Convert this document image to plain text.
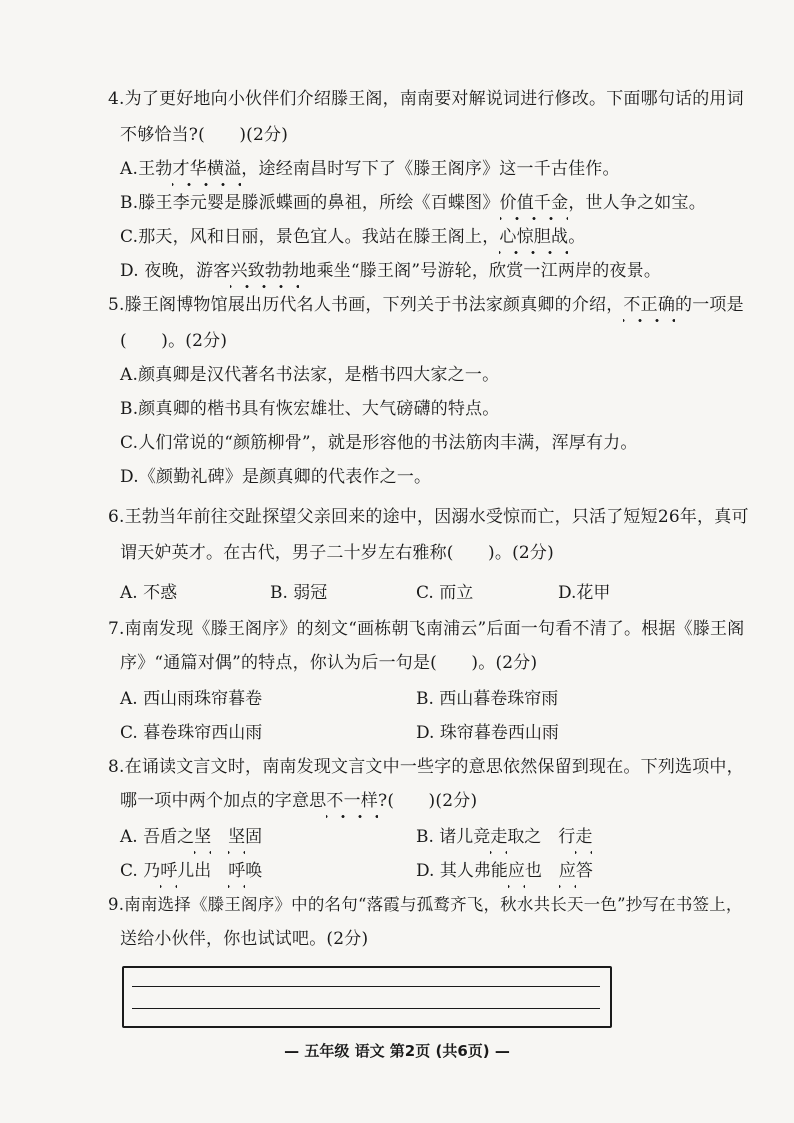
4.为了更好地向小伙伴们介绍滕王阁，南南要对解说词进行修改。下面哪句话的用词
不够恰当?(　　)(2分)
A.王勃才华横溢，途经南昌时写下了《滕王阁序》这一千古佳作。
B.滕王李元婴是滕派蝶画的鼻祖，所绘《百蝶图》价值千金，世人争之如宝。
C.那天，风和日丽，景色宜人。我站在滕王阁上，心惊胆战。
D. 夜晚，游客兴致勃勃地乘坐“滕王阁”号游轮，欣赏一江两岸的夜景。
5.滕王阁博物馆展出历代名人书画，下列关于书法家颜真卿的介绍，不正确的一项是
(　　)。(2分)
A.颜真卿是汉代著名书法家，是楷书四大家之一。
B.颜真卿的楷书具有恢宏雄壮、大气磅礴的特点。
C.人们常说的“颜筋柳骨”，就是形容他的书法筋肉丰满，浑厚有力。
D.《颜勤礼碑》是颜真卿的代表作之一。
6.王勃当年前往交趾探望父亲回来的途中，因溺水受惊而亡，只活了短短26年，真可
谓天妒英才。在古代，男子二十岁左右雅称(　　)。(2分)
A. 不惑	B. 弱冠	C. 而立	D.花甲
7.南南发现《滕王阁序》的刻文“画栋朝飞南浦云”后面一句看不清了。根据《滕王阁
序》“通篇对偶”的特点，你认为后一句是(　　)。(2分)
A. 西山雨珠帘暮卷	B. 西山暮卷珠帘雨
C. 暮卷珠帘西山雨	D. 珠帘暮卷西山雨
8.在诵读文言文时，南南发现文言文中一些字的意思依然保留到现在。下列选项中，
哪一项中两个加点的字意思不一样?(　　)(2分)
A. 吾盾之坚　 坚固	B. 诸儿竞走取之　行走
C. 乃呼儿出　呼唤	D. 其人弗能应也　应答
9.南南选择《滕王阁序》中的名句“落霞与孤鹜齐飞，秋水共长天一色”抄写在书签上，
送给小伙伴，你也试试吧。(2分)
— 五年级 语文 第2页 (共6页) —
